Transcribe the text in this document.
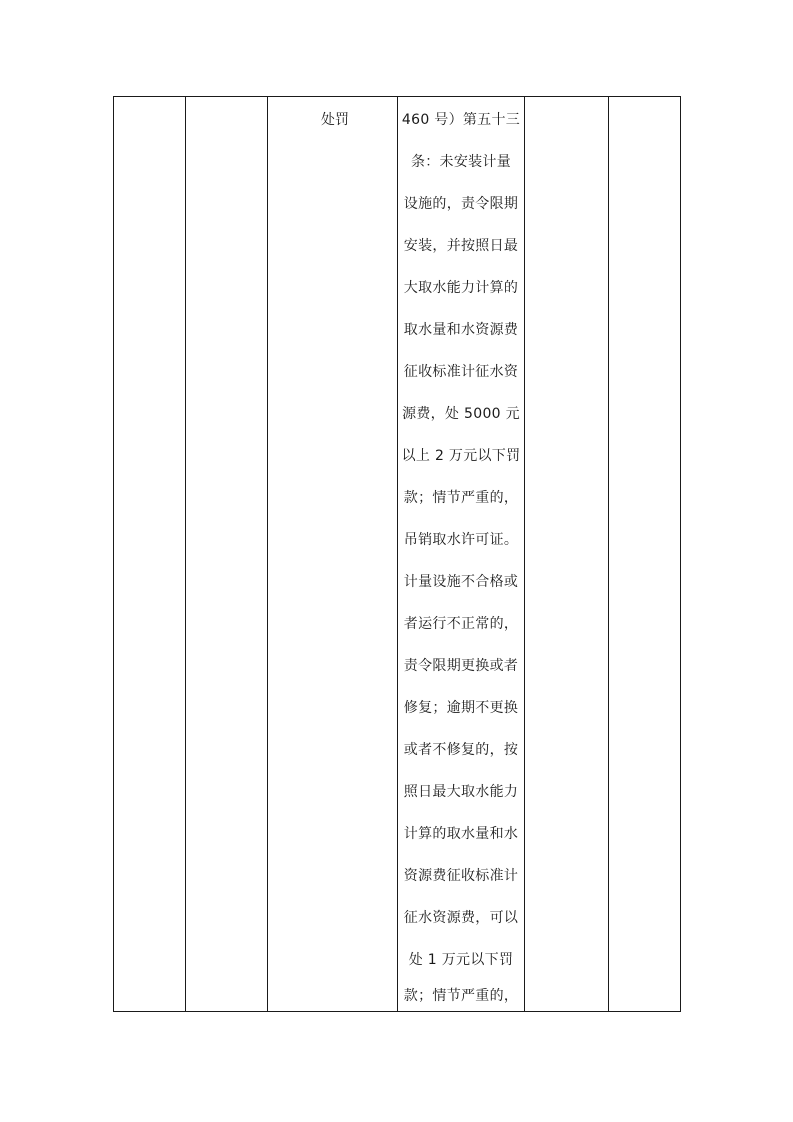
处罚	460 号）第五十三
条：未安装计量
设施的，责令限期
安装，并按照日最
大取水能力计算的
取水量和水资源费
征收标准计征水资
源费，处 5000 元
以上 2 万元以下罚
款；情节严重的，
吊销取水许可证。
计量设施不合格或
者运行不正常的，
责令限期更换或者
修复；逾期不更换
或者不修复的，按
照日最大取水能力
计算的取水量和水
资源费征收标准计
征水资源费，可以
处 1 万元以下罚
款；情节严重的，
